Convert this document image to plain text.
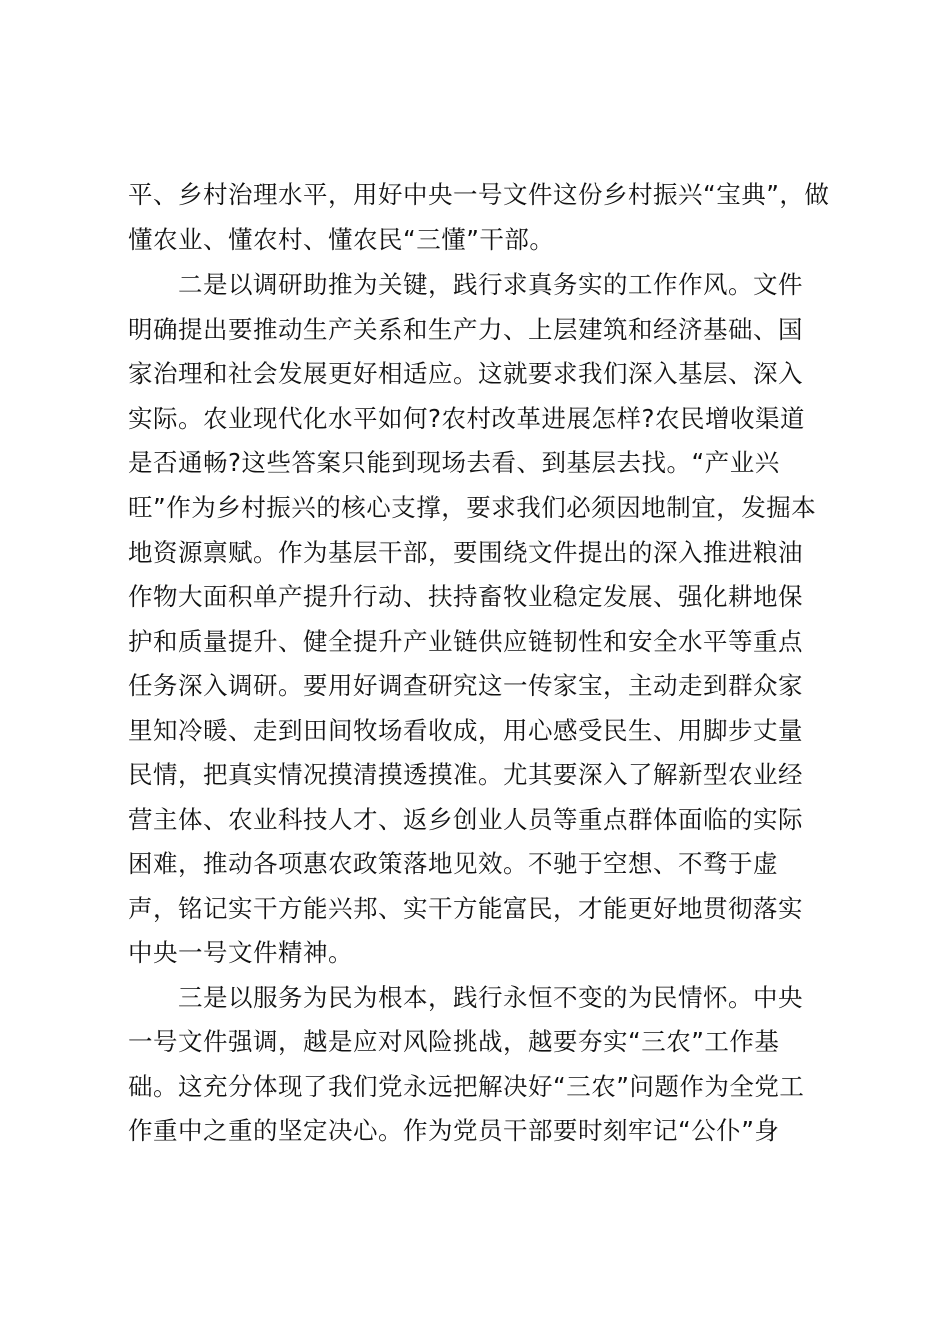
平、乡村治理水平，用好中央一号文件这份乡村振兴“宝典”，做
懂农业、懂农村、懂农民“三懂”干部。
二是以调研助推为关键，践行求真务实的工作作风。文件
明确提出要推动生产关系和生产力、上层建筑和经济基础、国
家治理和社会发展更好相适应。这就要求我们深入基层、深入
实际。农业现代化水平如何?农村改革进展怎样?农民增收渠道
是否通畅?这些答案只能到现场去看、到基层去找。“产业兴
旺”作为乡村振兴的核心支撑，要求我们必须因地制宜，发掘本
地资源禀赋。作为基层干部，要围绕文件提出的深入推进粮油
作物大面积单产提升行动、扶持畜牧业稳定发展、强化耕地保
护和质量提升、健全提升产业链供应链韧性和安全水平等重点
任务深入调研。要用好调查研究这一传家宝，主动走到群众家
里知冷暖、走到田间牧场看收成，用心感受民生、用脚步丈量
民情，把真实情况摸清摸透摸准。尤其要深入了解新型农业经
营主体、农业科技人才、返乡创业人员等重点群体面临的实际
困难，推动各项惠农政策落地见效。不驰于空想、不骛于虚
声，铭记实干方能兴邦、实干方能富民，才能更好地贯彻落实
中央一号文件精神。
三是以服务为民为根本，践行永恒不变的为民情怀。中央
一号文件强调，越是应对风险挑战，越要夯实“三农”工作基
础。这充分体现了我们党永远把解决好“三农”问题作为全党工
作重中之重的坚定决心。作为党员干部要时刻牢记“公仆”身
